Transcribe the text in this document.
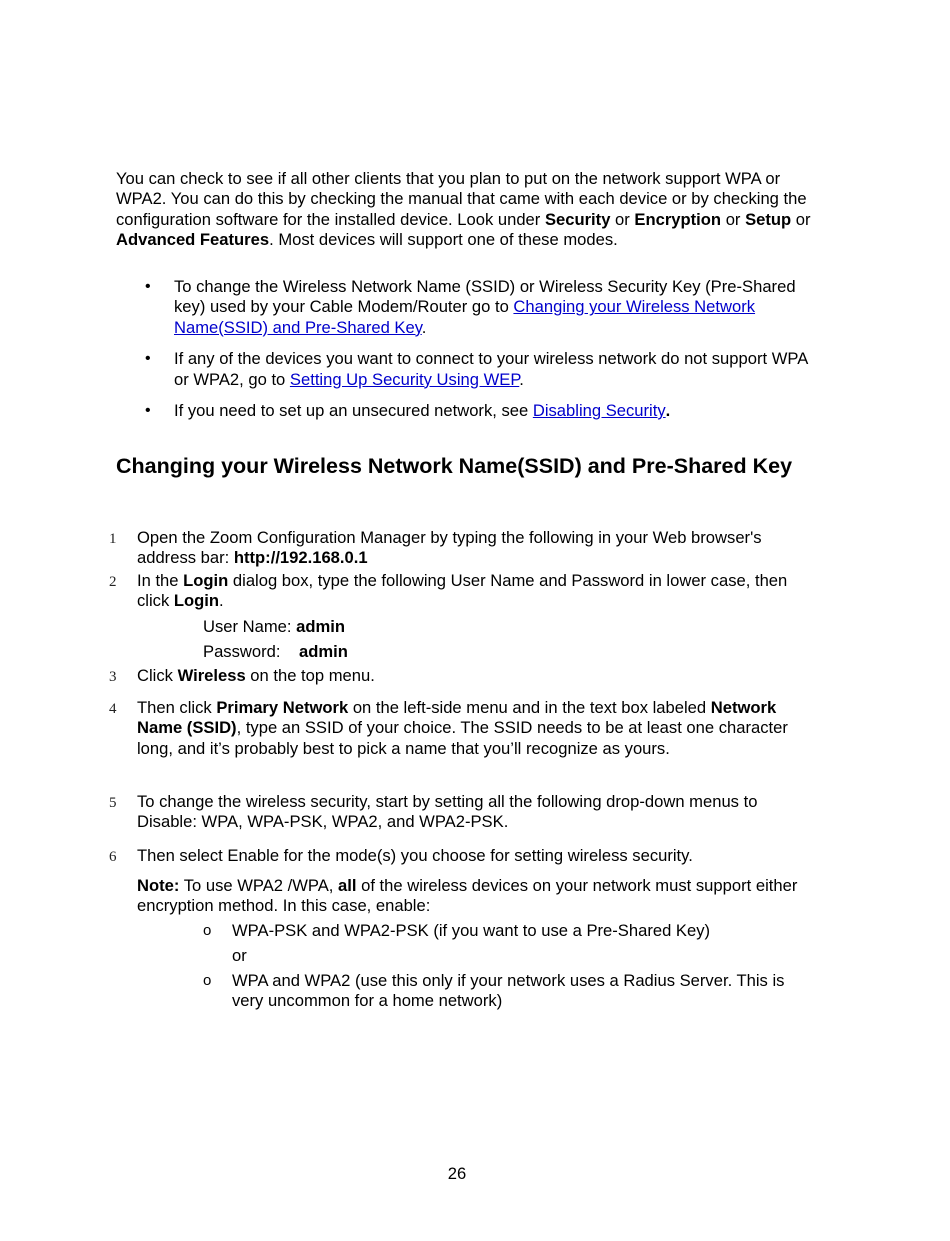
You can check to see if all other clients that you plan to put on the network support WPA or WPA2. You can do this by checking the manual that came with each device or by checking the configuration software for the installed device. Look under Security or Encryption or Setup or Advanced Features. Most devices will support one of these modes.
• To change the Wireless Network Name (SSID) or Wireless Security Key (Pre-Shared key) used by your Cable Modem/Router go to Changing your Wireless Network Name(SSID) and Pre-Shared Key.
• If any of the devices you want to connect to your wireless network do not support WPA or WPA2, go to Setting Up Security Using WEP.
• If you need to set up an unsecured network, see Disabling Security.
Changing your Wireless Network Name(SSID) and Pre-Shared Key
1 Open the Zoom Configuration Manager by typing the following in your Web browser's address bar: http://192.168.0.1
2 In the Login dialog box, type the following User Name and Password in lower case, then click Login.
User Name: admin
Password: admin
3 Click Wireless on the top menu.
4 Then click Primary Network on the left-side menu and in the text box labeled Network Name (SSID), type an SSID of your choice. The SSID needs to be at least one character long, and it’s probably best to pick a name that you’ll recognize as yours.
5 To change the wireless security, start by setting all the following drop-down menus to Disable: WPA, WPA-PSK, WPA2, and WPA2-PSK.
6 Then select Enable for the mode(s) you choose for setting wireless security.
Note: To use WPA2 /WPA, all of the wireless devices on your network must support either encryption method. In this case, enable:
o WPA-PSK and WPA2-PSK (if you want to use a Pre-Shared Key)
or
o WPA and WPA2 (use this only if your network uses a Radius Server. This is very uncommon for a home network)
26
